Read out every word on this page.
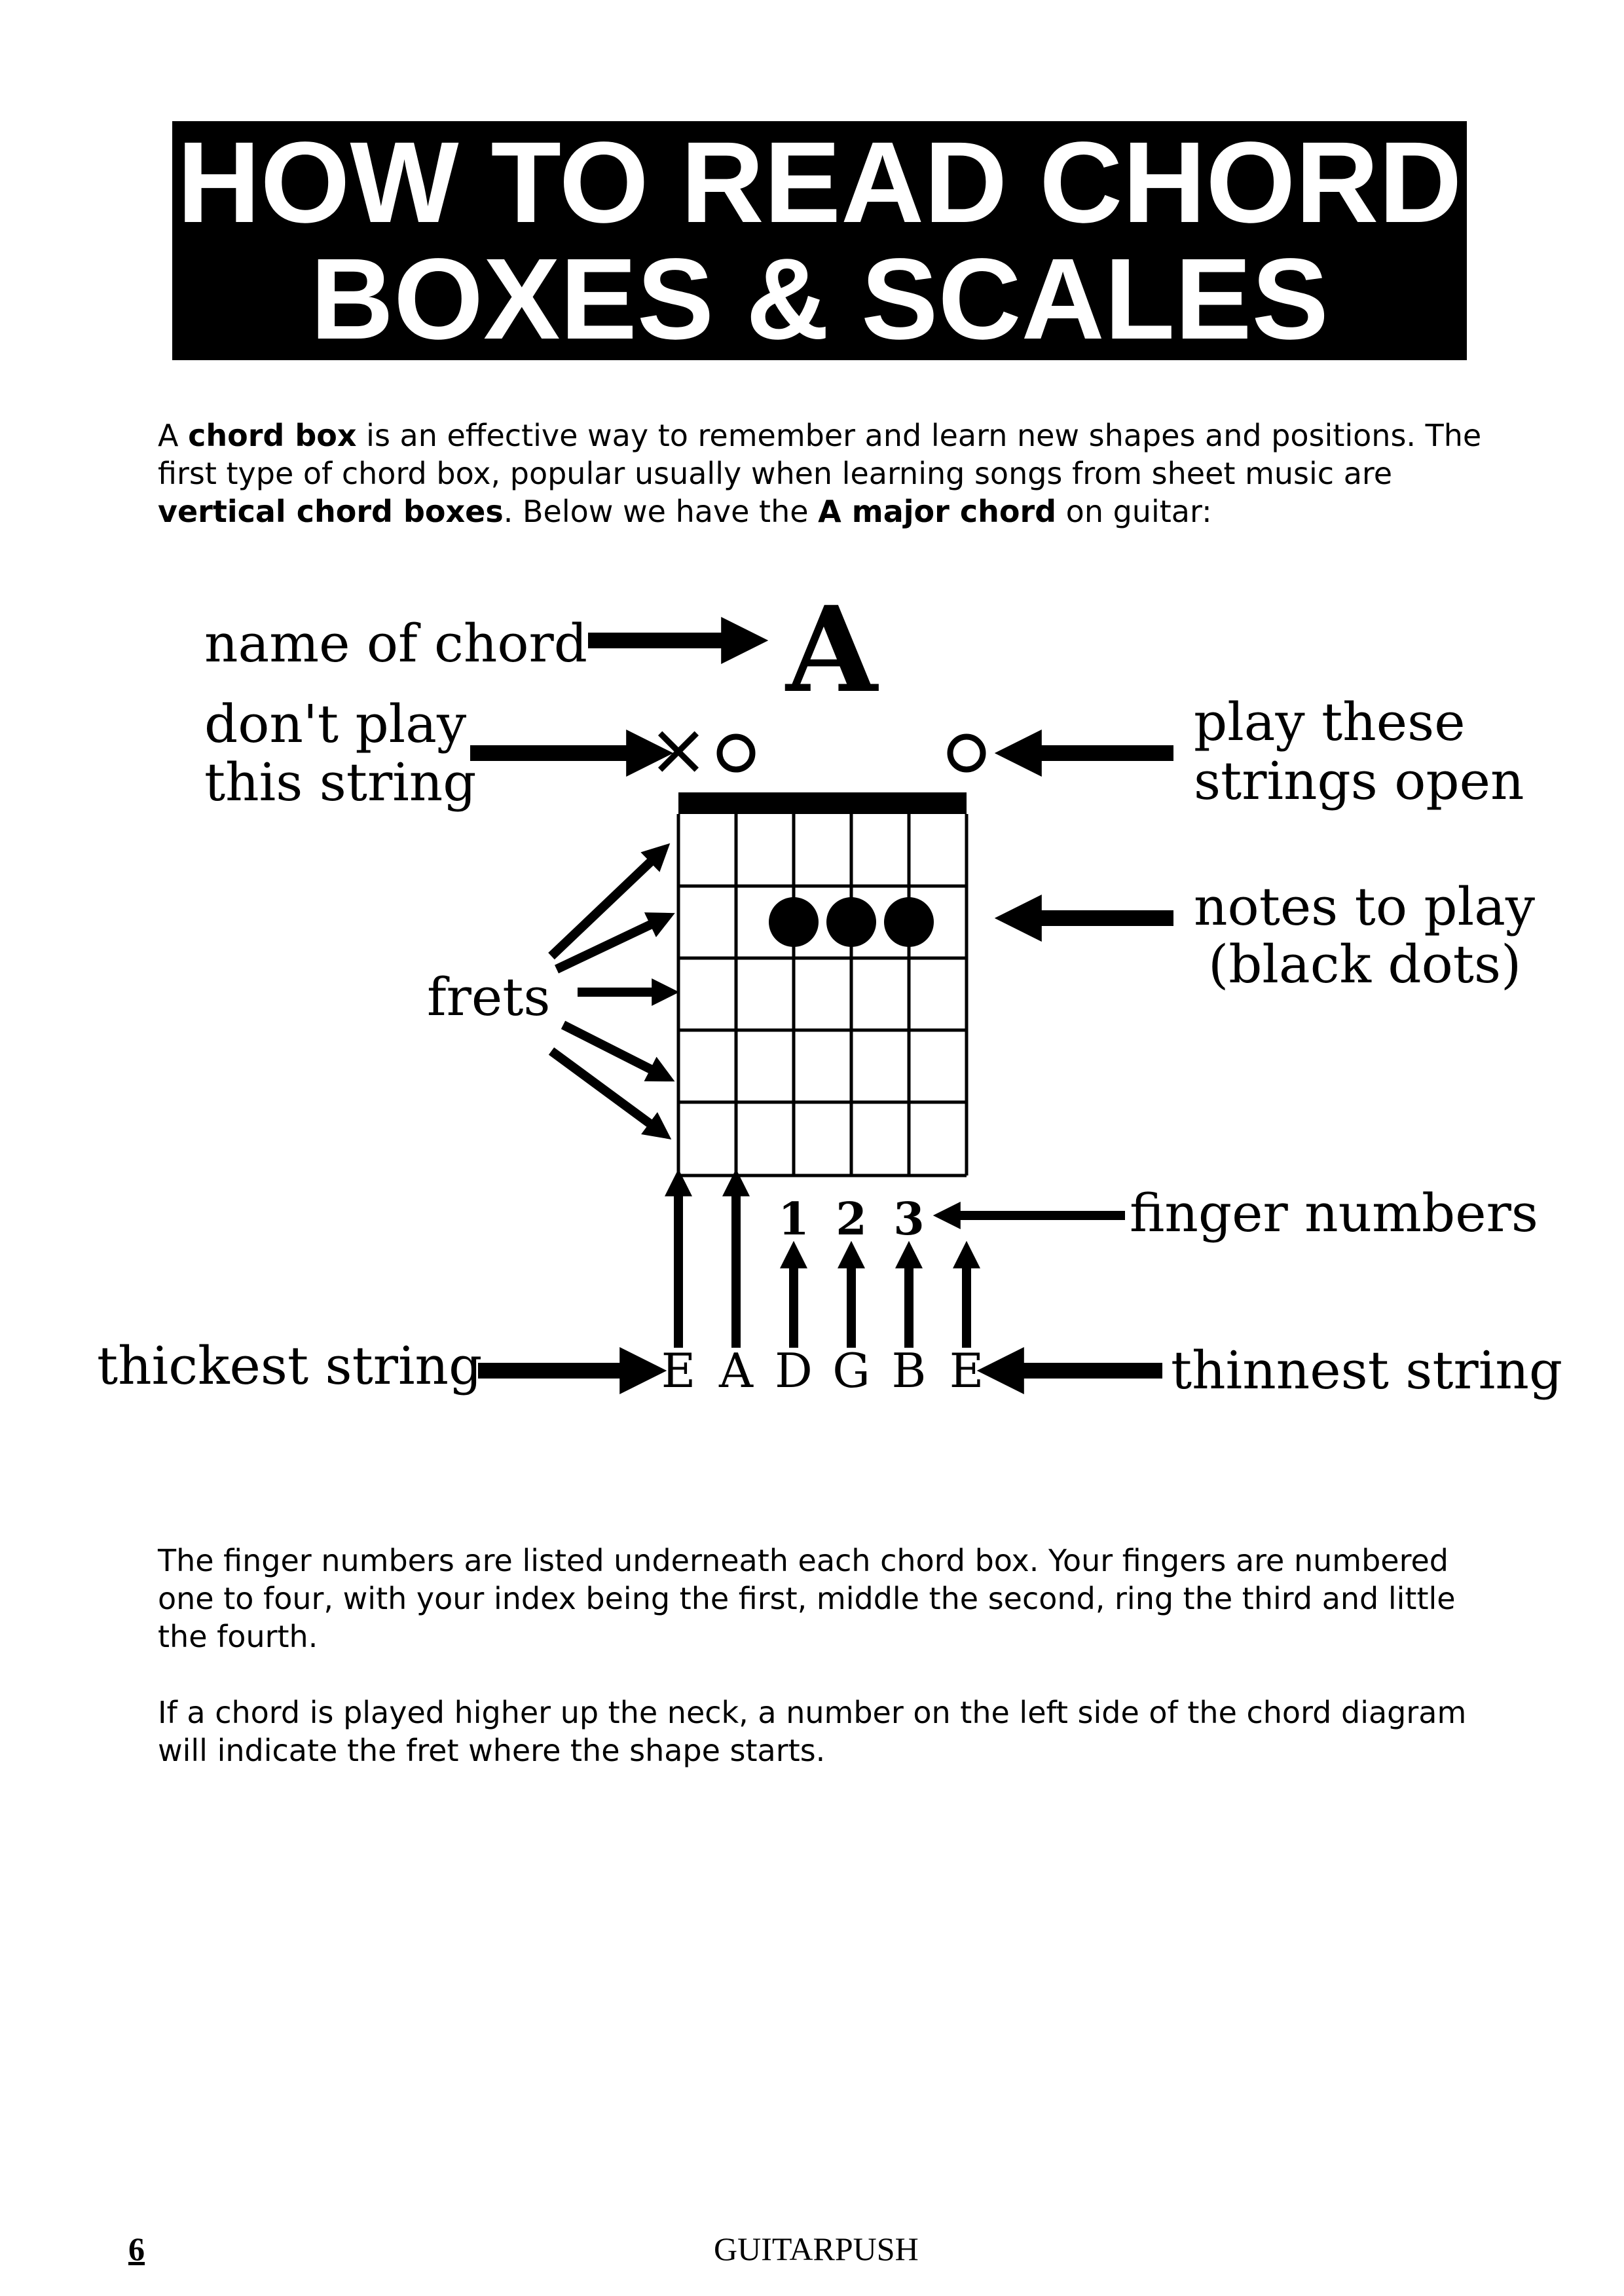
HOW TO READ CHORD
BOXES & SCALES
A chord box is an effective way to remember and learn new shapes and positions. The first type of chord box, popular usually when learning songs from sheet music are vertical chord boxes. Below we have the A major chord on guitar:
A
name of chord
don't play
this string
frets
thickest string
play these
strings open
notes to play
(black dots)
finger numbers
thinnest string
×
1 2 3
E A D G B E
The finger numbers are listed underneath each chord box. Your fingers are numbered one to four, with your index being the first, middle the second, ring the third and little the fourth.
If a chord is played higher up the neck, a number on the left side of the chord diagram will indicate the fret where the shape starts.
6	GUITARPUSH
